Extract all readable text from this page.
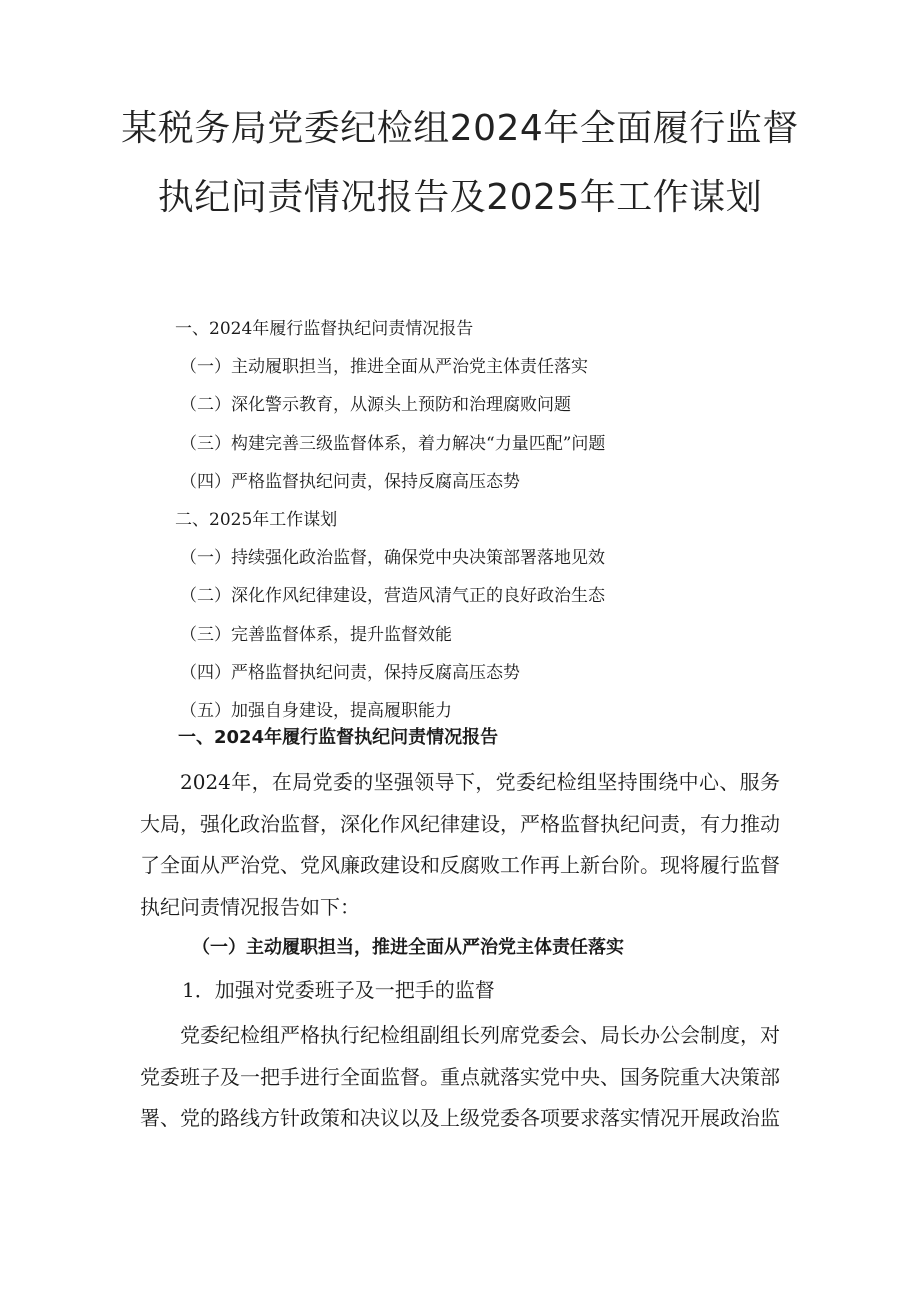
某税务局党委纪检组2024年全面履行监督
执纪问责情况报告及2025年工作谋划
一、2024年履行监督执纪问责情况报告
（一）主动履职担当，推进全面从严治党主体责任落实
（二）深化警示教育，从源头上预防和治理腐败问题
（三）构建完善三级监督体系，着力解决“力量匹配”问题
（四）严格监督执纪问责，保持反腐高压态势
二、2025年工作谋划
（一）持续强化政治监督，确保党中央决策部署落地见效
（二）深化作风纪律建设，营造风清气正的良好政治生态
（三）完善监督体系，提升监督效能
（四）严格监督执纪问责，保持反腐高压态势
（五）加强自身建设，提高履职能力
一、2024年履行监督执纪问责情况报告

2024年，在局党委的坚强领导下，党委纪检组坚持围绕中心、服务大局，强化政治监督，深化作风纪律建设，严格监督执纪问责，有力推动了全面从严治党、党风廉政建设和反腐败工作再上新台阶。现将履行监督执纪问责情况报告如下：

（一）主动履职担当，推进全面从严治党主体责任落实

1．加强对党委班子及一把手的监督

党委纪检组严格执行纪检组副组长列席党委会、局长办公会制度，对党委班子及一把手进行全面监督。重点就落实党中央、国务院重大决策部署、党的路线方针政策和决议以及上级党委各项要求落实情况开展政治监
